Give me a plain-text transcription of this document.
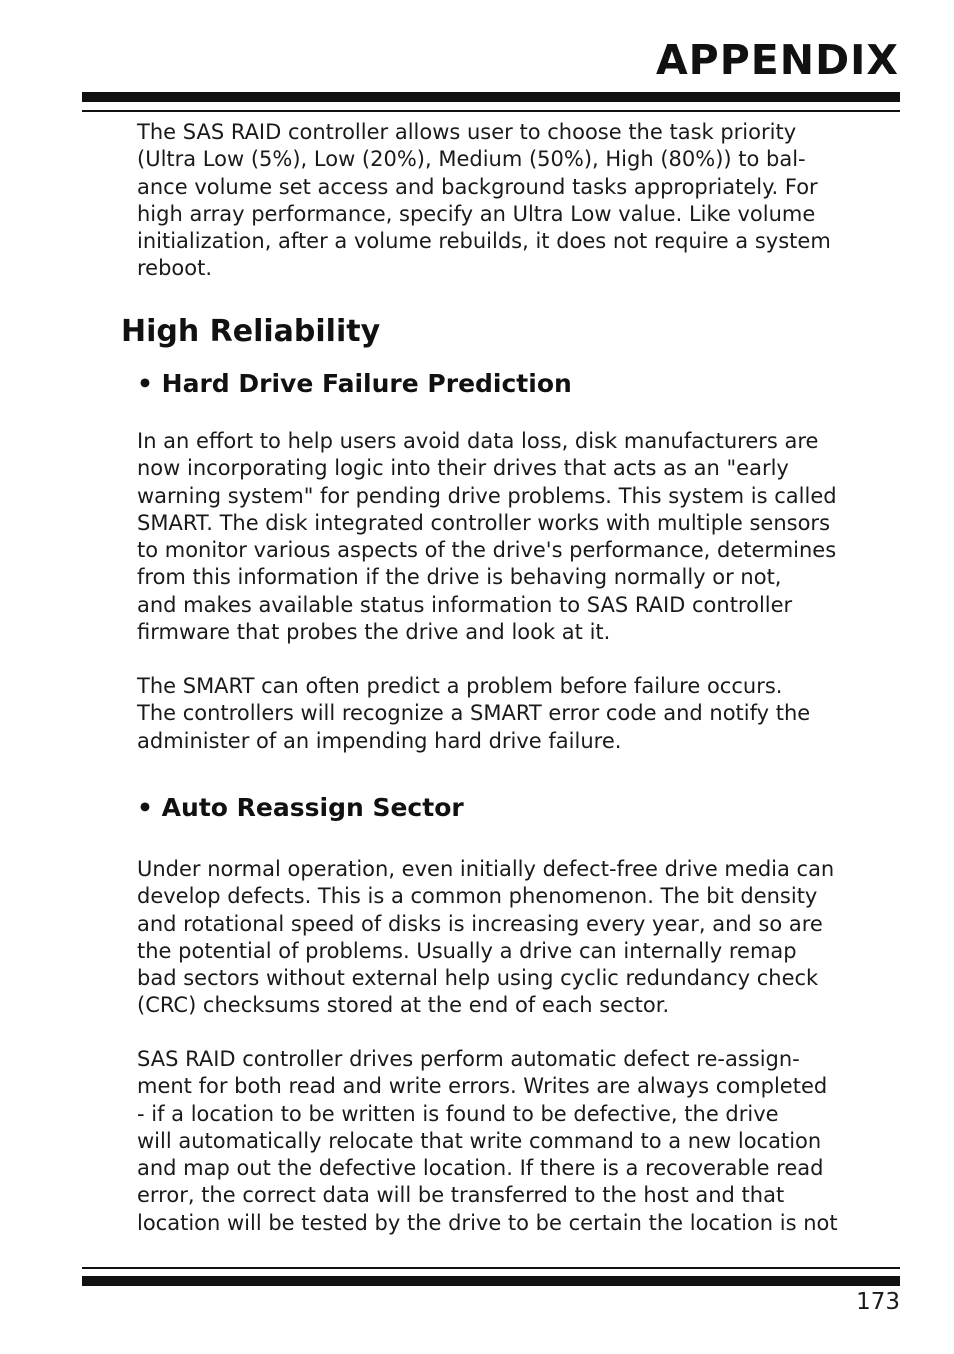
APPENDIX

The SAS RAID controller allows user to choose the task priority
(Ultra Low (5%), Low (20%), Medium (50%), High (80%)) to bal-
ance volume set access and background tasks appropriately. For
high array performance, specify an Ultra Low value. Like volume
initialization, after a volume rebuilds, it does not require a system
reboot.

High Reliability
• Hard Drive Failure Prediction

In an effort to help users avoid data loss, disk manufacturers are
now incorporating logic into their drives that acts as an "early
warning system" for pending drive problems. This system is called
SMART. The disk integrated controller works with multiple sensors
to monitor various aspects of the drive's performance, determines
from this information if the drive is behaving normally or not,
and makes available status information to SAS RAID controller
firmware that probes the drive and look at it.

The SMART can often predict a problem before failure occurs.
The controllers will recognize a SMART error code and notify the
administer of an impending hard drive failure.

• Auto Reassign Sector

Under normal operation, even initially defect-free drive media can
develop defects. This is a common phenomenon. The bit density
and rotational speed of disks is increasing every year, and so are
the potential of problems. Usually a drive can internally remap
bad sectors without external help using cyclic redundancy check
(CRC) checksums stored at the end of each sector.

SAS RAID controller drives perform automatic defect re-assign-
ment for both read and write errors. Writes are always completed
- if a location to be written is found to be defective, the drive
will automatically relocate that write command to a new location
and map out the defective location. If there is a recoverable read
error, the correct data will be transferred to the host and that
location will be tested by the drive to be certain the location is not

173
